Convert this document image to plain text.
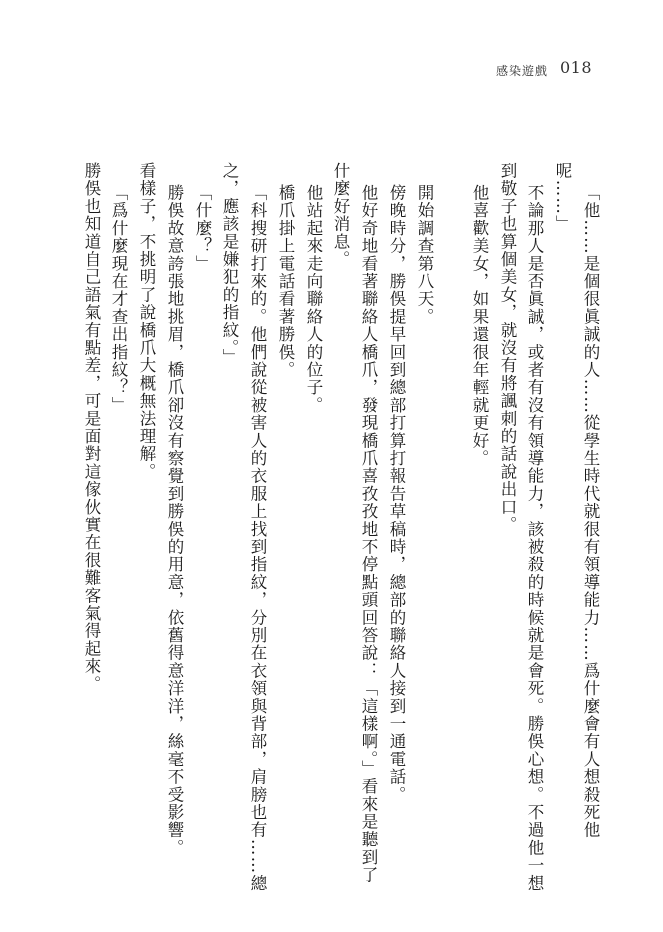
感染遊戲 018
「他……是個很眞誠的人……從學生時代就很有領導能力……爲什麼會有人想殺死他
呢……」
不論那人是否眞誠，或者有沒有領導能力，該被殺的時候就是會死。勝俁心想。不過他一想
到敬子也算個美女，就沒有將諷刺的話說出口。
他喜歡美女，如果還很年輕就更好。
開始調查第八天。
傍晚時分，勝俁提早回到總部打算打報告草稿時，總部的聯絡人接到一通電話。
他好奇地看著聯絡人橋爪，發現橋爪喜孜孜地不停點頭回答說：「這樣啊。」看來是聽到了
什麼好消息。
他站起來走向聯絡人的位子。
橋爪掛上電話看著勝俁。
「科搜研打來的。他們說從被害人的衣服上找到指紋，分別在衣領與背部，肩膀也有……總
之，應該是嫌犯的指紋。」
「什麼？」
勝俁故意誇張地挑眉，橋爪卻沒有察覺到勝俁的用意，依舊得意洋洋，絲毫不受影響。
看樣子，不挑明了說橋爪大概無法理解。
「爲什麼現在才查出指紋？」
勝俁也知道自己語氣有點差，可是面對這傢伙實在很難客氣得起來。
